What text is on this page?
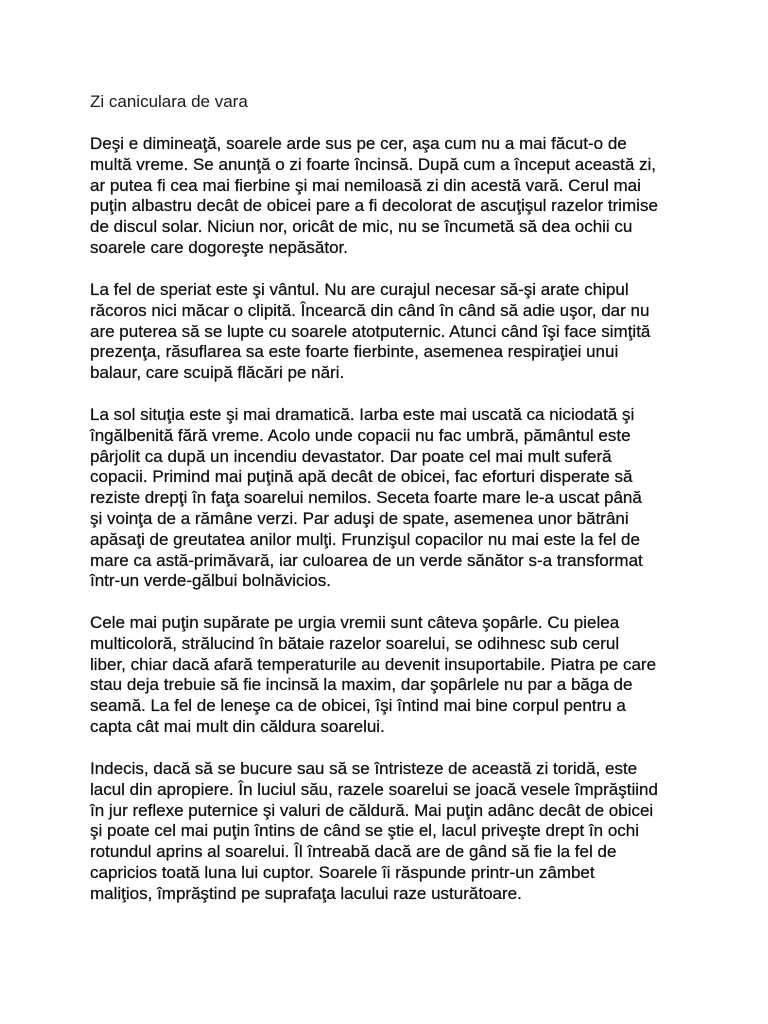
Zi caniculara de vara

Deşi e dimineaţă, soarele arde sus pe cer, aşa cum nu a mai făcut-o de
multă vreme. Se anunţă o zi foarte încinsă. După cum a început această zi,
ar putea fi cea mai fierbine şi mai nemiloasă zi din acestă vară. Cerul mai
puţin albastru decât de obicei pare a fi decolorat de ascuţişul razelor trimise
de discul solar. Niciun nor, oricât de mic, nu se încumetă să dea ochii cu
soarele care dogoreşte nepăsător.

La fel de speriat este şi vântul. Nu are curajul necesar să-şi arate chipul
răcoros nici măcar o clipită. Încearcă din când în când să adie uşor, dar nu
are puterea să se lupte cu soarele atotputernic. Atunci când îşi face simţită
prezenţa, răsuflarea sa este foarte fierbinte, asemenea respiraţiei unui
balaur, care scuipă flăcări pe nări.

La sol situţia este şi mai dramatică. Iarba este mai uscată ca niciodată şi
îngălbenită fără vreme. Acolo unde copacii nu fac umbră, pământul este
pârjolit ca după un incendiu devastator. Dar poate cel mai mult suferă
copacii. Primind mai puţină apă decât de obicei, fac eforturi disperate să
reziste drepţi în faţa soarelui nemilos. Seceta foarte mare le-a uscat până
şi voinţa de a rămâne verzi. Par aduşi de spate, asemenea unor bătrâni
apăsaţi de greutatea anilor mulţi. Frunzişul copacilor nu mai este la fel de
mare ca astă-primăvară, iar culoarea de un verde sănător s-a transformat
într-un verde-gălbui bolnăvicios.

Cele mai puţin supărate pe urgia vremii sunt câteva şopârle. Cu pielea
multicoloră, strălucind în bătaie razelor soarelui, se odihnesc sub cerul
liber, chiar dacă afară temperaturile au devenit insuportabile. Piatra pe care
stau deja trebuie să fie incinsă la maxim, dar şopârlele nu par a băga de
seamă. La fel de leneşe ca de obicei, îşi întind mai bine corpul pentru a
capta cât mai mult din căldura soarelui.

Indecis, dacă să se bucure sau să se întristeze de această zi toridă, este
lacul din apropiere. În luciul său, razele soarelui se joacă vesele împrăştiind
în jur reflexe puternice şi valuri de căldură. Mai puţin adânc decât de obicei
şi poate cel mai puţin întins de când se ştie el, lacul priveşte drept în ochi
rotundul aprins al soarelui. Îl întreabă dacă are de gând să fie la fel de
capricios toată luna lui cuptor. Soarele îi răspunde printr-un zâmbet
maliţios, împrăştind pe suprafaţa lacului raze usturătoare.
